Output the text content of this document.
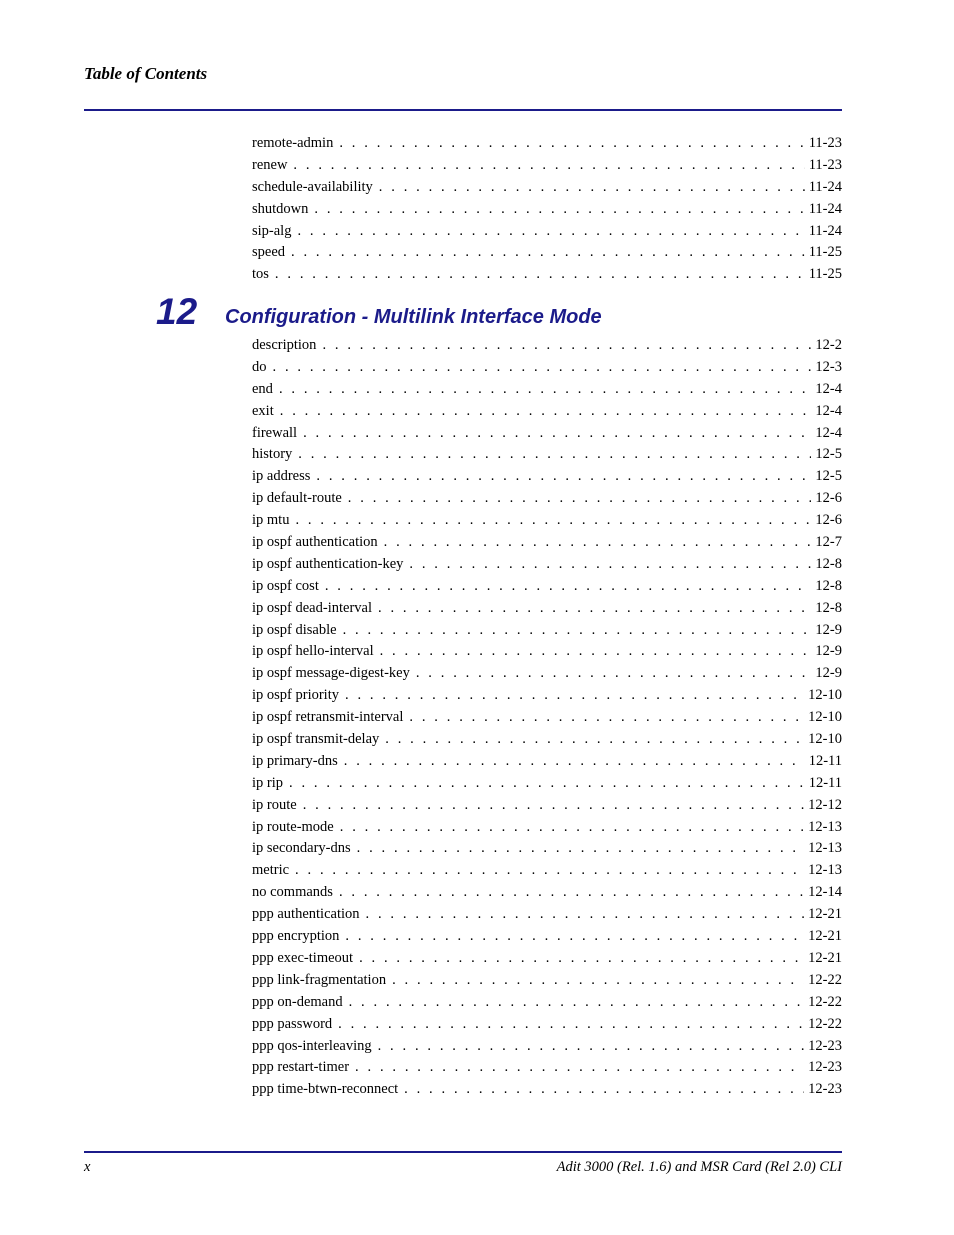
Table of Contents
remote-admin . . .	11-23
renew . . .	11-23
schedule-availability . . .	11-24
shutdown . . .	11-24
sip-alg . . .	11-24
speed . . .	11-25
tos . . .	11-25
12 Configuration - Multilink Interface Mode
description . . .	12-2
do . . .	12-3
end . . .	12-4
exit . . .	12-4
firewall . . .	12-4
history . . .	12-5
ip address . . .	12-5
ip default-route . . .	12-6
ip mtu . . .	12-6
ip ospf authentication . . .	12-7
ip ospf authentication-key . . .	12-8
ip ospf cost . . .	12-8
ip ospf dead-interval . . .	12-8
ip ospf disable . . .	12-9
ip ospf hello-interval . . .	12-9
ip ospf message-digest-key . . .	12-9
ip ospf priority . . .	12-10
ip ospf retransmit-interval . . .	12-10
ip ospf transmit-delay . . .	12-10
ip primary-dns . . .	12-11
ip rip . . .	12-11
ip route . . .	12-12
ip route-mode . . .	12-13
ip secondary-dns . . .	12-13
metric . . .	12-13
no commands . . .	12-14
ppp authentication . . .	12-21
ppp encryption . . .	12-21
ppp exec-timeout . . .	12-21
ppp link-fragmentation . . .	12-22
ppp on-demand . . .	12-22
ppp password . . .	12-22
ppp qos-interleaving . . .	12-23
ppp restart-timer . . .	12-23
ppp time-btwn-reconnect . . .	12-23
x	Adit 3000 (Rel. 1.6) and MSR Card (Rel 2.0) CLI
